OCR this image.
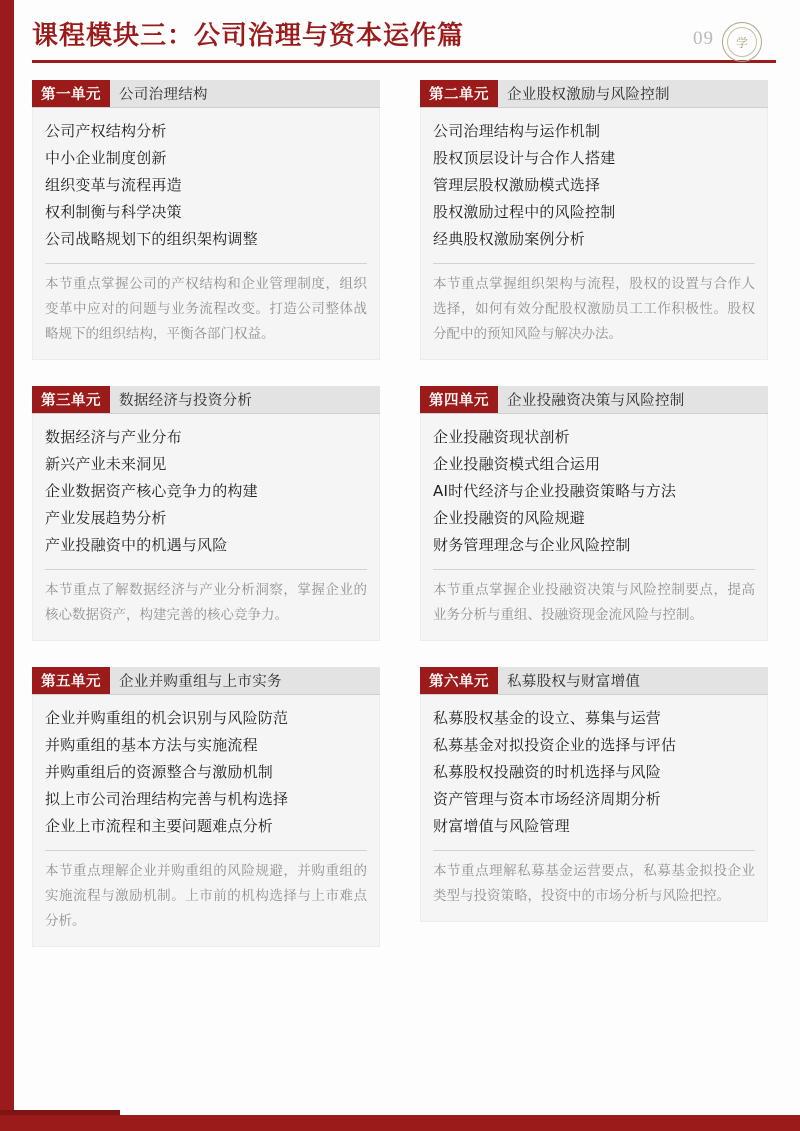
课程模块三：公司治理与资本运作篇	09	学
第一单元	公司治理结构
公司产权结构分析
中小企业制度创新
组织变革与流程再造
权利制衡与科学决策
公司战略规划下的组织架构调整
本节重点掌握公司的产权结构和企业管理制度，组织变革中应对的问题与业务流程改变。打造公司整体战略规下的组织结构，平衡各部门权益。
第二单元	企业股权激励与风险控制
公司治理结构与运作机制
股权顶层设计与合作人搭建
管理层股权激励模式选择
股权激励过程中的风险控制
经典股权激励案例分析
本节重点掌握组织架构与流程，股权的设置与合作人选择，如何有效分配股权激励员工工作积极性。股权分配中的预知风险与解决办法。
第三单元	数据经济与投资分析
数据经济与产业分布
新兴产业未来洞见
企业数据资产核心竞争力的构建
产业发展趋势分析
产业投融资中的机遇与风险
本节重点了解数据经济与产业分析洞察，掌握企业的核心数据资产，构建完善的核心竞争力。
第四单元	企业投融资决策与风险控制
企业投融资现状剖析
企业投融资模式组合运用
AI时代经济与企业投融资策略与方法
企业投融资的风险规避
财务管理理念与企业风险控制
本节重点掌握企业投融资决策与风险控制要点，提高业务分析与重组、投融资现金流风险与控制。
第五单元	企业并购重组与上市实务
企业并购重组的机会识别与风险防范
并购重组的基本方法与实施流程
并购重组后的资源整合与激励机制
拟上市公司治理结构完善与机构选择
企业上市流程和主要问题难点分析
本节重点理解企业并购重组的风险规避，并购重组的实施流程与激励机制。上市前的机构选择与上市难点分析。
第六单元	私募股权与财富增值
私募股权基金的设立、募集与运营
私募基金对拟投资企业的选择与评估
私募股权投融资的时机选择与风险
资产管理与资本市场经济周期分析
财富增值与风险管理
本节重点理解私募基金运营要点，私募基金拟投企业类型与投资策略，投资中的市场分析与风险把控。
